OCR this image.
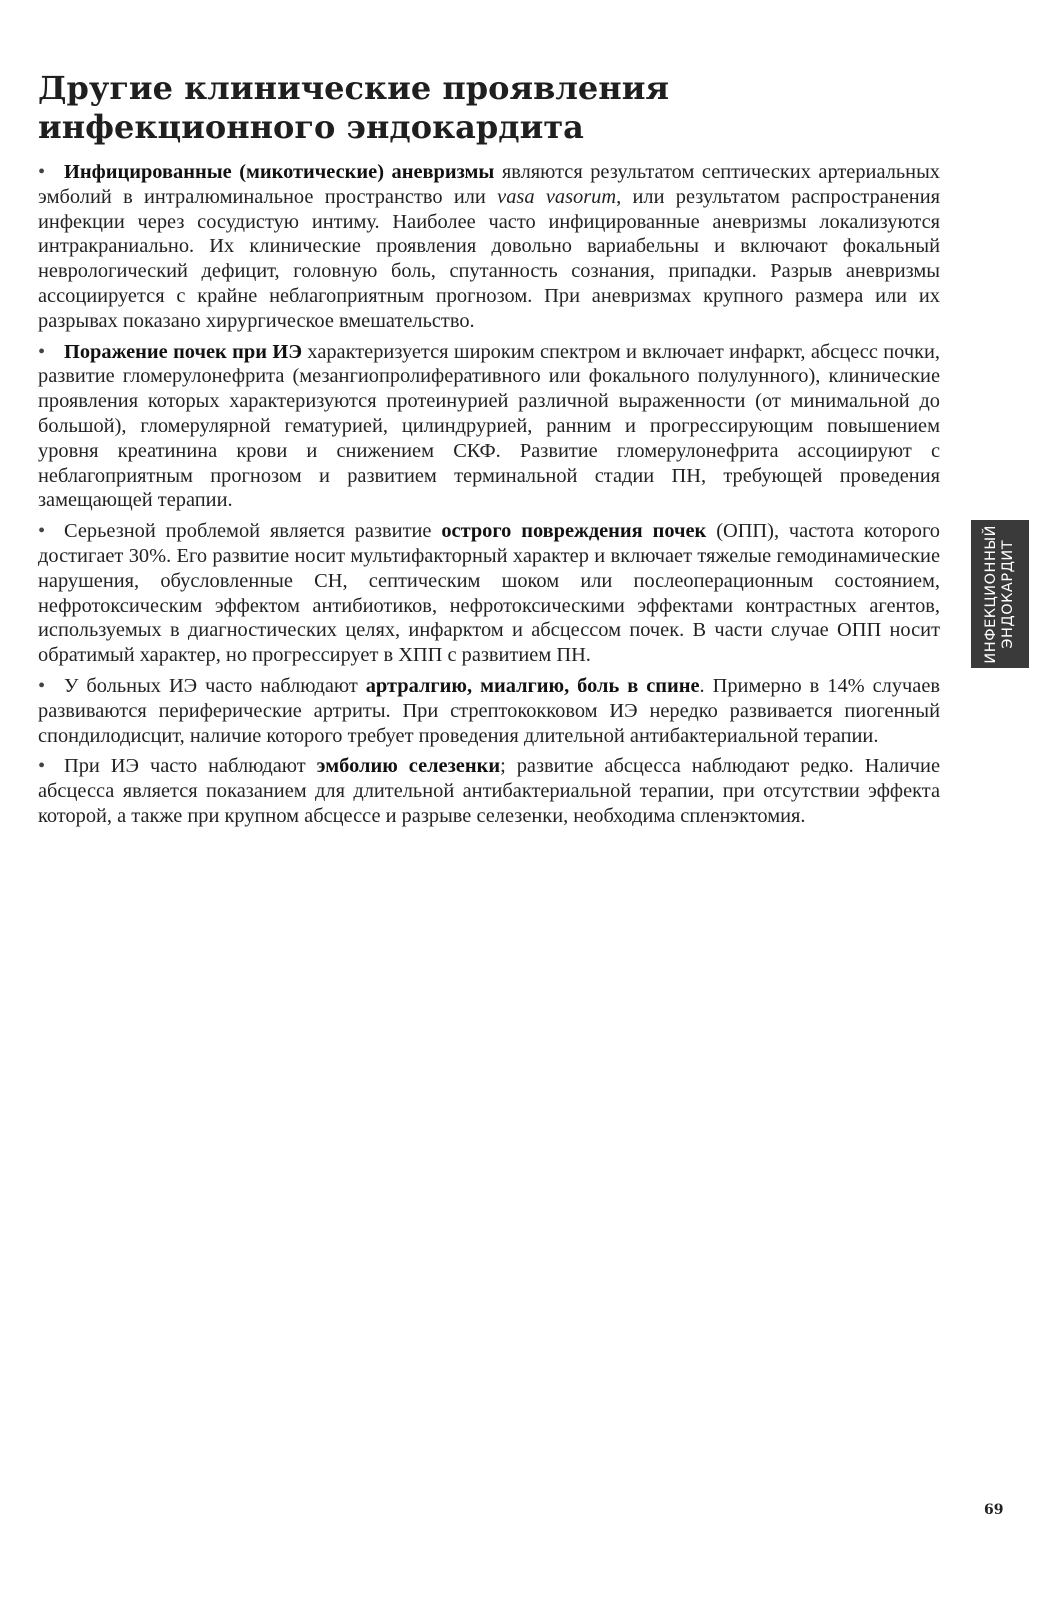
Другие клинические проявления
инфекционного эндокардита

• Инфицированные (микотические) аневризмы являются результатом септических артериальных эмболий в интралюминальное пространство или vasa vasorum, или результатом распространения инфекции через сосудистую интиму. Наиболее часто инфицированные аневризмы локализуются интракраниально. Их клинические проявления довольно вариабельны и включают фокальный неврологический дефицит, головную боль, спутанность сознания, припадки. Разрыв аневризмы ассоциируется с крайне неблагоприятным прогнозом. При аневризмах крупного размера или их разрывах показано хирургическое вмешательство.

• Поражение почек при ИЭ характеризуется широким спектром и включает инфаркт, абсцесс почки, развитие гломерулонефрита (мезангиопролиферативного или фокального полулунного), клинические проявления которых характеризуются протеинурией различной выраженности (от минимальной до большой), гломерулярной гематурией, цилиндрурией, ранним и прогрессирующим повышением уровня креатинина крови и снижением СКФ. Развитие гломерулонефрита ассоциируют с неблагоприятным прогнозом и развитием терминальной стадии ПН, требующей проведения замещающей терапии.

• Серьезной проблемой является развитие острого повреждения почек (ОПП), частота которого достигает 30%. Его развитие носит мультифакторный характер и включает тяжелые гемодинамические нарушения, обусловленные СН, септическим шоком или послеоперационным состоянием, нефротоксическим эффектом антибиотиков, нефротоксическими эффектами контрастных агентов, используемых в диагностических целях, инфарктом и абсцессом почек. В части случае ОПП носит обратимый характер, но прогрессирует в ХПП с развитием ПН.

• У больных ИЭ часто наблюдают артралгию, миалгию, боль в спине. Примерно в 14% случаев развиваются периферические артриты. При стрептококковом ИЭ нередко развивается пиогенный спондилодисцит, наличие которого требует проведения длительной антибактериальной терапии.

• При ИЭ часто наблюдают эмболию селезенки; развитие абсцесса наблюдают редко. Наличие абсцесса является показанием для длительной антибактериальной терапии, при отсутствии эффекта которой, а также при крупном абсцессе и разрыве селезенки, необходима спленэктомия.

ИНФЕКЦИОННЫЙ ЭНДОКАРДИТ
69
